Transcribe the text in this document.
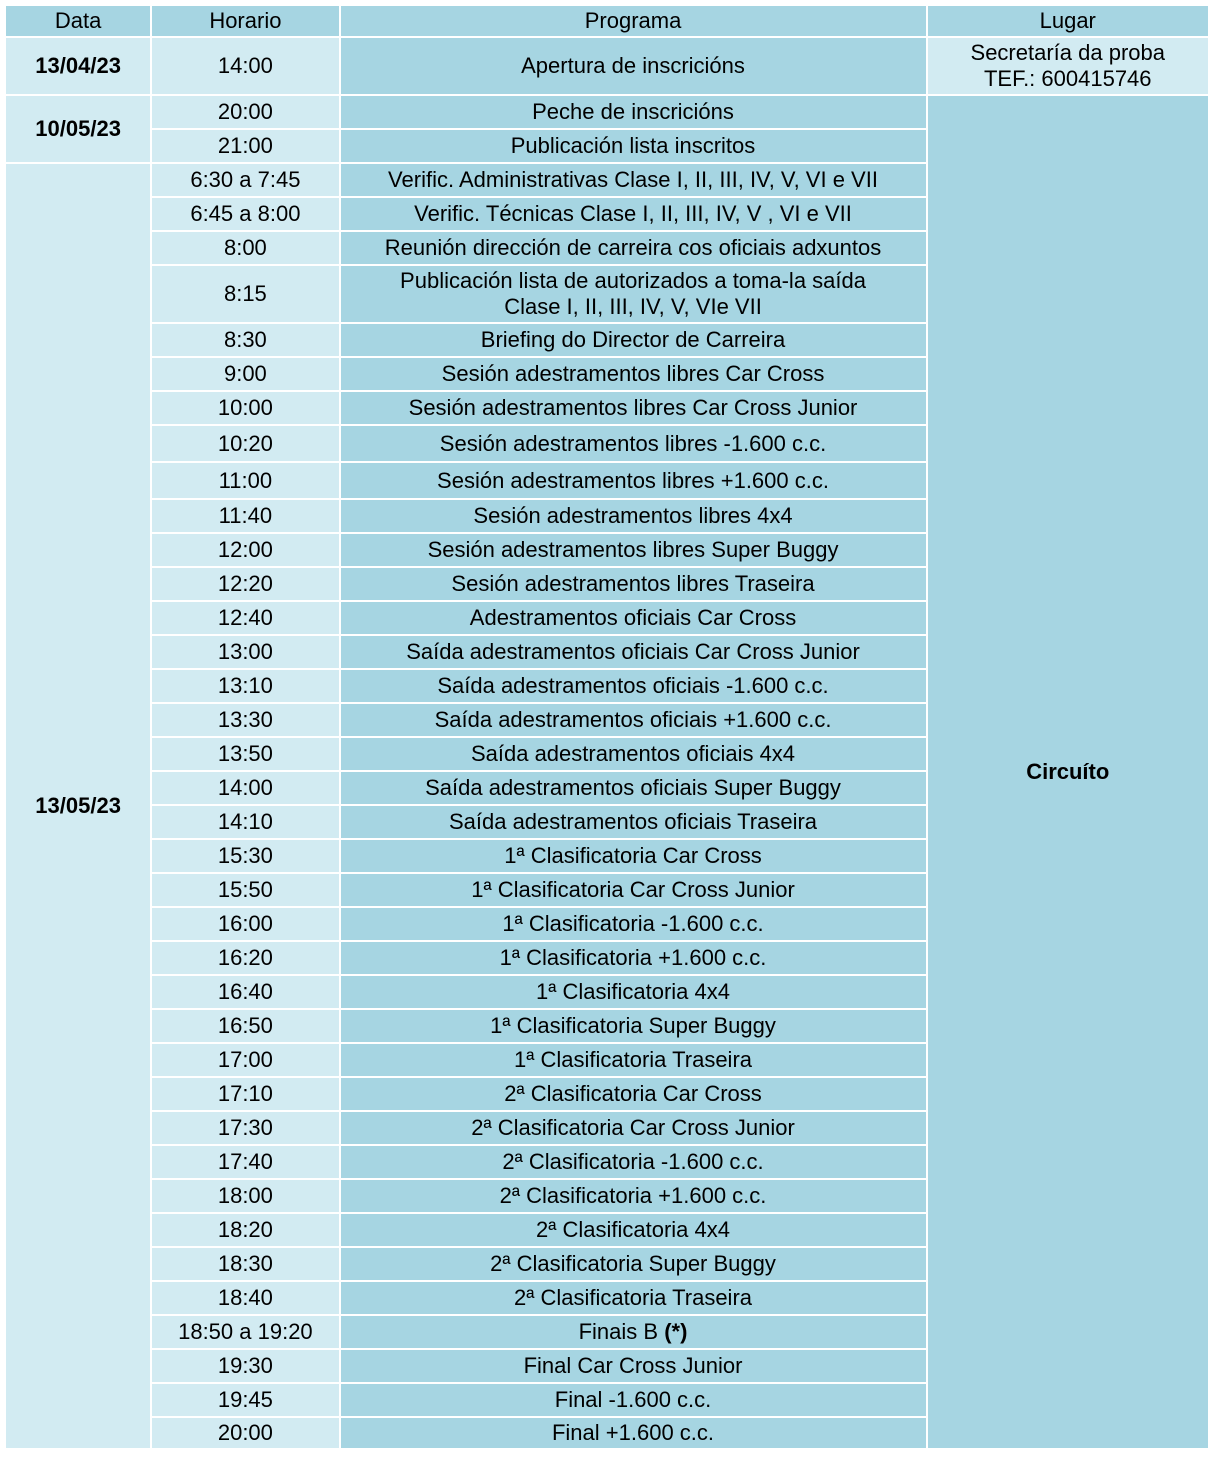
Data	Horario	Programa	Lugar
13/04/23	14:00	Apertura de inscricións	Secretaría da proba
TEF.: 600415746

10/05/23	20:00	Peche de inscricións	Circuíto
	21:00	Publicación lista inscritos	
13/05/23	6:30 a 7:45	Verific. Administrativas Clase I, II, III, IV, V, VI e VII	
	6:45 a 8:00	Verific. Técnicas Clase I, II, III, IV, V , VI e VII	
	8:00	Reunión dirección de carreira cos oficiais adxuntos	
	8:15	Publicación lista de autorizados a toma-la saída
Clase I, II, III, IV, V, VIe VII	

	8:30	Briefing do Director de Carreira	
	9:00	Sesión adestramentos libres Car Cross	
	10:00	Sesión adestramentos libres Car Cross Junior	
	10:20	Sesión adestramentos libres -1.600 c.c.	
	11:00	Sesión adestramentos libres +1.600 c.c.	
	11:40	Sesión adestramentos libres 4x4	
	12:00	Sesión adestramentos libres Super Buggy	
	12:20	Sesión adestramentos libres Traseira	
	12:40	Adestramentos oficiais Car Cross	
	13:00	Saída adestramentos oficiais Car Cross Junior	
	13:10	Saída adestramentos oficiais -1.600 c.c.	
	13:30	Saída adestramentos oficiais +1.600 c.c.	
	13:50	Saída adestramentos oficiais 4x4	
	14:00	Saída adestramentos oficiais Super Buggy	
	14:10	Saída adestramentos oficiais Traseira	
	15:30	1ª Clasificatoria Car Cross	
	15:50	1ª Clasificatoria Car Cross Junior	
	16:00	1ª Clasificatoria -1.600 c.c.	
	16:20	1ª Clasificatoria +1.600 c.c.	
	16:40	1ª Clasificatoria 4x4	
	16:50	1ª Clasificatoria Super Buggy	
	17:00	1ª Clasificatoria Traseira	
	17:10	2ª Clasificatoria Car Cross	
	17:30	2ª Clasificatoria Car Cross Junior	
	17:40	2ª Clasificatoria -1.600 c.c.	
	18:00	2ª Clasificatoria +1.600 c.c.	
	18:20	2ª Clasificatoria 4x4	
	18:30	2ª Clasificatoria Super Buggy	
	18:40	2ª Clasificatoria Traseira	
	18:50 a 19:20	Finais B (*)	
	19:30	Final Car Cross Junior	
	19:45	Final -1.600 c.c.	
	20:00	Final +1.600 c.c.	
